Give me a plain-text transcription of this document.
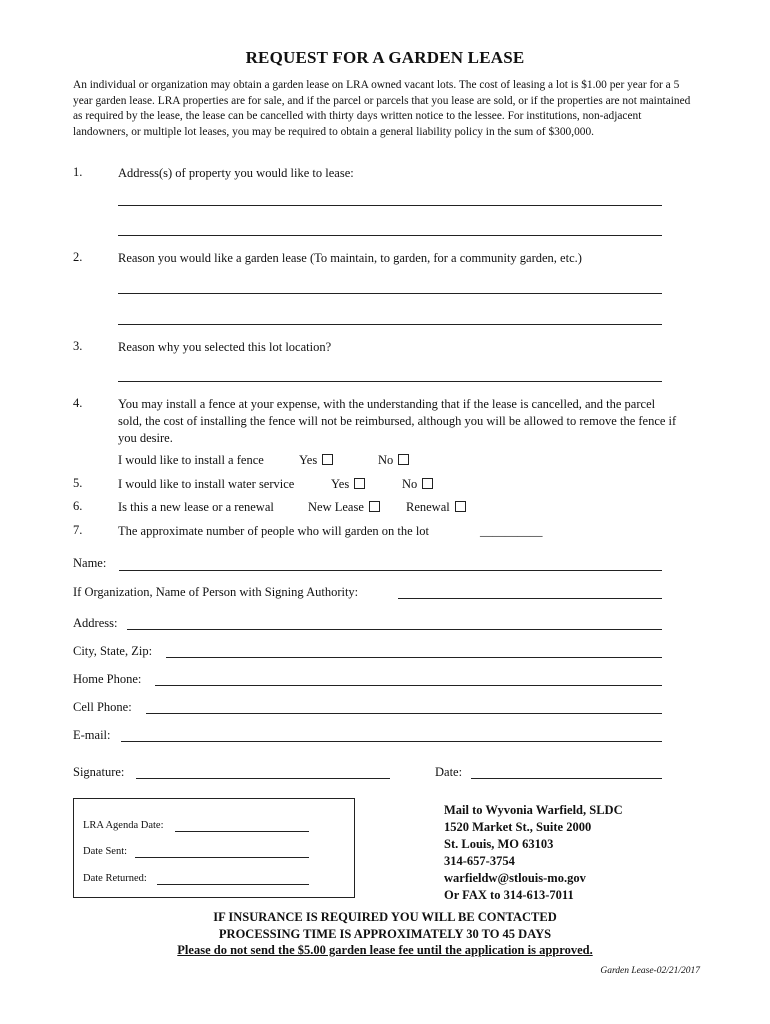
REQUEST FOR A GARDEN LEASE
An individual or organization may obtain a garden lease on LRA owned vacant lots. The cost of leasing a lot is $1.00 per year for a 5 year garden lease. LRA properties are for sale, and if the parcel or parcels that you lease are sold, or if the properties are not maintained as required by the lease, the lease can be cancelled with thirty days written notice to the lessee. For institutions, non-adjacent landowners, or multiple lot leases, you may be required to obtain a general liability policy in the sum of $300,000.
1.	Address(s) of property you would like to lease:
2.	Reason you would like a garden lease (To maintain, to garden, for a community garden, etc.)
3.	Reason why you selected this lot location?
4.	You may install a fence at your expense, with the understanding that if the lease is cancelled, and the parcel sold, the cost of installing the fence will not be reimbursed, although you will be allowed to remove the fence if you desire.
I would like to install a fence	Yes	No
5.	I would like to install water service	Yes	No
6.	Is this a new lease or a renewal	New Lease	Renewal
7.	The approximate number of people who will garden on the lot	__________
Name:
If Organization, Name of Person with Signing Authority:
Address:
City, State, Zip:
Home Phone:
Cell Phone:
E-mail:
Signature:	Date:
LRA Agenda Date:
Date Sent:
Date Returned:
Mail to Wyvonia Warfield, SLDC
1520 Market St., Suite 2000
St. Louis, MO 63103
314-657-3754
warfieldw@stlouis-mo.gov
Or FAX to 314-613-7011
IF INSURANCE IS REQUIRED YOU WILL BE CONTACTED
PROCESSING TIME IS APPROXIMATELY 30 TO 45 DAYS
Please do not send the $5.00 garden lease fee until the application is approved.
Garden Lease-02/21/2017
